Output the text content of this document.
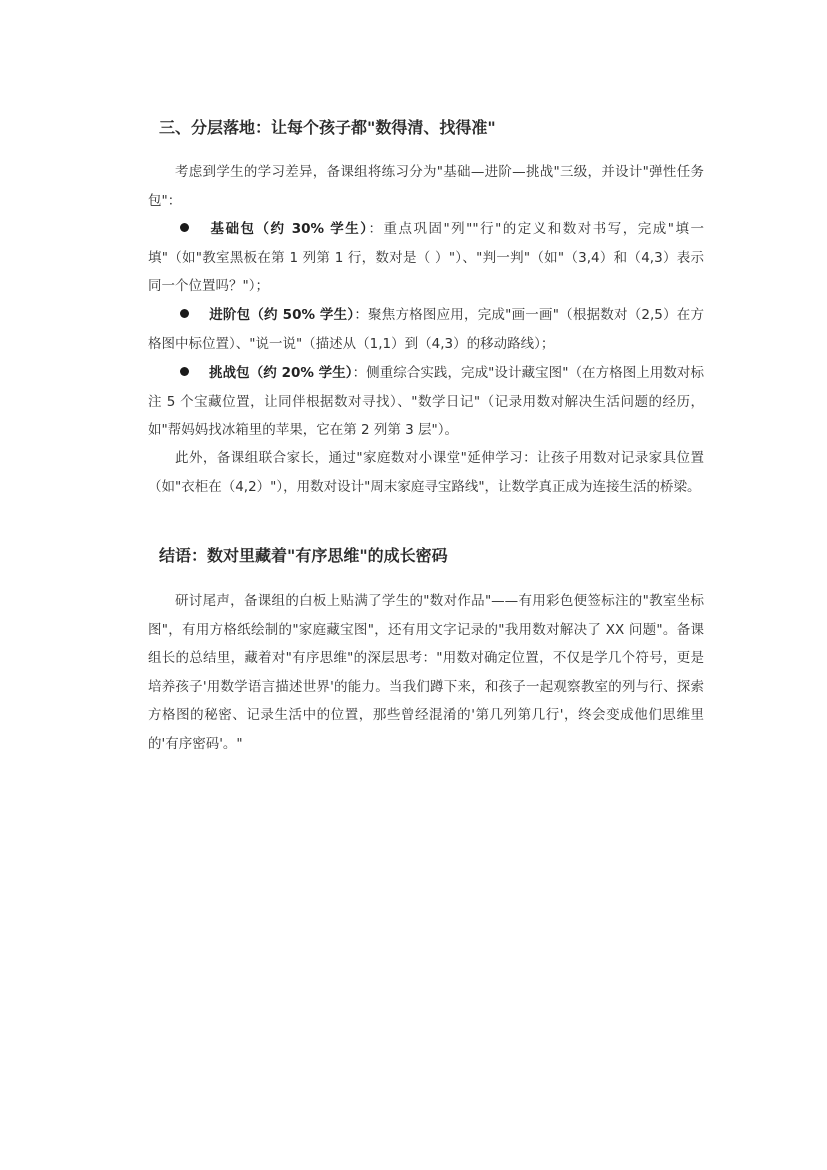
三、分层落地：让每个孩子都"数得清、找得准"

考虑到学生的学习差异，备课组将练习分为"基础—进阶—挑战"三级，并设计"弹性任务包"：

基础包（约 30% 学生）：重点巩固"列""行"的定义和数对书写，完成"填一填"（如"教室黑板在第 1 列第 1 行，数对是（ ）"）、"判一判"（如"（3,4）和（4,3）表示同一个位置吗？"）；

进阶包（约 50% 学生）：聚焦方格图应用，完成"画一画"（根据数对（2,5）在方格图中标位置）、"说一说"（描述从（1,1）到（4,3）的移动路线）；

挑战包（约 20% 学生）：侧重综合实践，完成"设计藏宝图"（在方格图上用数对标注 5 个宝藏位置，让同伴根据数对寻找）、"数学日记"（记录用数对解决生活问题的经历，如"帮妈妈找冰箱里的苹果，它在第 2 列第 3 层"）。

此外，备课组联合家长，通过"家庭数对小课堂"延伸学习：让孩子用数对记录家具位置（如"衣柜在（4,2）"），用数对设计"周末家庭寻宝路线"，让数学真正成为连接生活的桥梁。

结语：数对里藏着"有序思维"的成长密码

研讨尾声，备课组的白板上贴满了学生的"数对作品"——有用彩色便签标注的"教室坐标图"，有用方格纸绘制的"家庭藏宝图"，还有用文字记录的"我用数对解决了 XX 问题"。备课组长的总结里，藏着对"有序思维"的深层思考："用数对确定位置，不仅是学几个符号，更是培养孩子'用数学语言描述世界'的能力。当我们蹲下来，和孩子一起观察教室的列与行、探索方格图的秘密、记录生活中的位置，那些曾经混淆的'第几列第几行'，终会变成他们思维里的'有序密码'。"
